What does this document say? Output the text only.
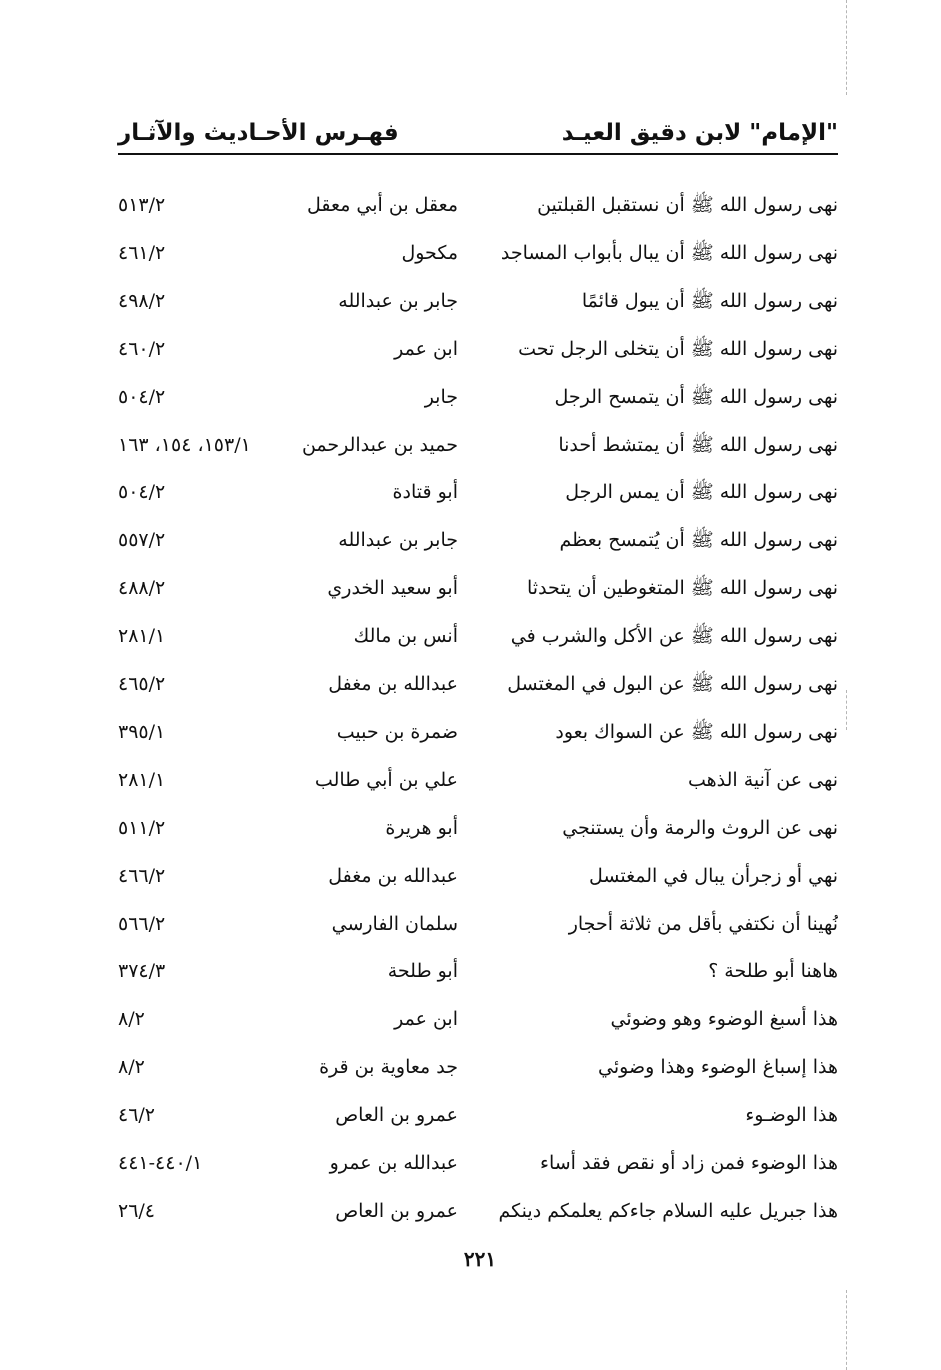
"الإمام" لابن دقيق العيـد
فهـرس الأحـاديث والآثـار
نهى رسول الله ﷺ أن نستقبل القبلتين
معقل بن أبي معقل
٥١٣/٢
نهى رسول الله ﷺ أن يبال بأبواب المساجد
مكحول
٤٦١/٢
نهى رسول الله ﷺ أن يبول قائمًا
جابر بن عبدالله
٤٩٨/٢
نهى رسول الله ﷺ أن يتخلى الرجل تحت
ابن عمر
٤٦٠/٢
نهى رسول الله ﷺ أن يتمسح الرجل
جابر
٥٠٤/٢
نهى رسول الله ﷺ أن يمتشط أحدنا
حميد بن عبدالرحمن
١٥٣/١، ١٥٤، ١٦٣
نهى رسول الله ﷺ أن يمس الرجل
أبو قتادة
٥٠٤/٢
نهى رسول الله ﷺ أن يُتمسح بعظم
جابر بن عبدالله
٥٥٧/٢
نهى رسول الله ﷺ المتغوطين أن يتحدثا
أبو سعيد الخدري
٤٨٨/٢
نهى رسول الله ﷺ عن الأكل والشرب في
أنس بن مالك
٢٨١/١
نهى رسول الله ﷺ عن البول في المغتسل
عبدالله بن مغفل
٤٦٥/٢
نهى رسول الله ﷺ عن السواك بعود
ضمرة بن حبيب
٣٩٥/١
نهى عن آنية الذهب
علي بن أبي طالب
٢٨١/١
نهى عن الروث والرمة وأن يستنجي
أبو هريرة
٥١١/٢
نهي أو زجرأن يبال في المغتسل
عبدالله بن مغفل
٤٦٦/٢
نُهينا أن نكتفي بأقل من ثلاثة أحجار
سلمان الفارسي
٥٦٦/٢
هاهنا أبو طلحة ؟
أبو طلحة
٣٧٤/٣
هذا أسبغ الوضوء وهو وضوئي
ابن عمر
٨/٢
هذا إسباغ الوضوء وهذا وضوئي
جد معاوية بن قرة
٨/٢
هذا الوضـوء
عمرو بن العاص
٤٦/٢
هذا الوضوء فمن زاد أو نقص فقد أساء
عبدالله بن عمرو
٤٤٠/١-٤٤١
هذا جبريل عليه السلام جاءكم يعلمكم دينكم
عمرو بن العاص
٢٦/٤
٢٢١
